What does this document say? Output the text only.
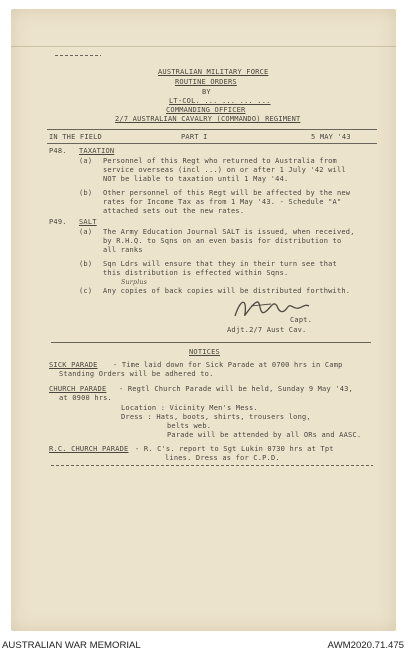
AUSTRALIAN MILITARY FORCE
ROUTINE ORDERS
BY
LT-COL. ... ... ... ...
COMMANDING OFFICER
2/7 AUSTRALIAN CAVALRY (COMMANDO) REGIMENT
IN THE FIELD	PART I	5 MAY '43
P48. TAXATION
(a) Personnel of this Regt who returned to Australia from
service overseas (incl ...) on or after 1 July '42 will
NOT be liable to taxation until 1 May '44.
(b) Other personnel of this Regt will be affected by the new
rates for Income Tax as from 1 May '43. - Schedule "A"
attached sets out the new rates.
P49. SALT
(a) The Army Education Journal SALT is issued, when received,
by R.H.Q. to Sqns on an even basis for distribution to
all ranks
(b) Sqn Ldrs will ensure that they in their turn see that
this distribution is effected within Sqns.
Surplus
(c) Any copies of back copies will be distributed forthwith.
Capt.
Adjt.2/7 Aust Cav.
NOTICES
SICK PARADE - Time laid down for Sick Parade at 0700 hrs in Camp
Standing Orders will be adhered to.
CHURCH PARADE - Regtl Church Parade will be held, Sunday 9 May '43,
at 0900 hrs.
Location : Vicinity Men's Mess.
Dress : Hats, boots, shirts, trousers long,
belts web.
Parade will be attended by all ORs and AASC.
R.C. CHURCH PARADE - R. C's. report to Sgt Lukin 0730 hrs at Tpt
lines. Dress as for C.P.D.
AUSTRALIAN WAR MEMORIAL	AWM2020.71.475
